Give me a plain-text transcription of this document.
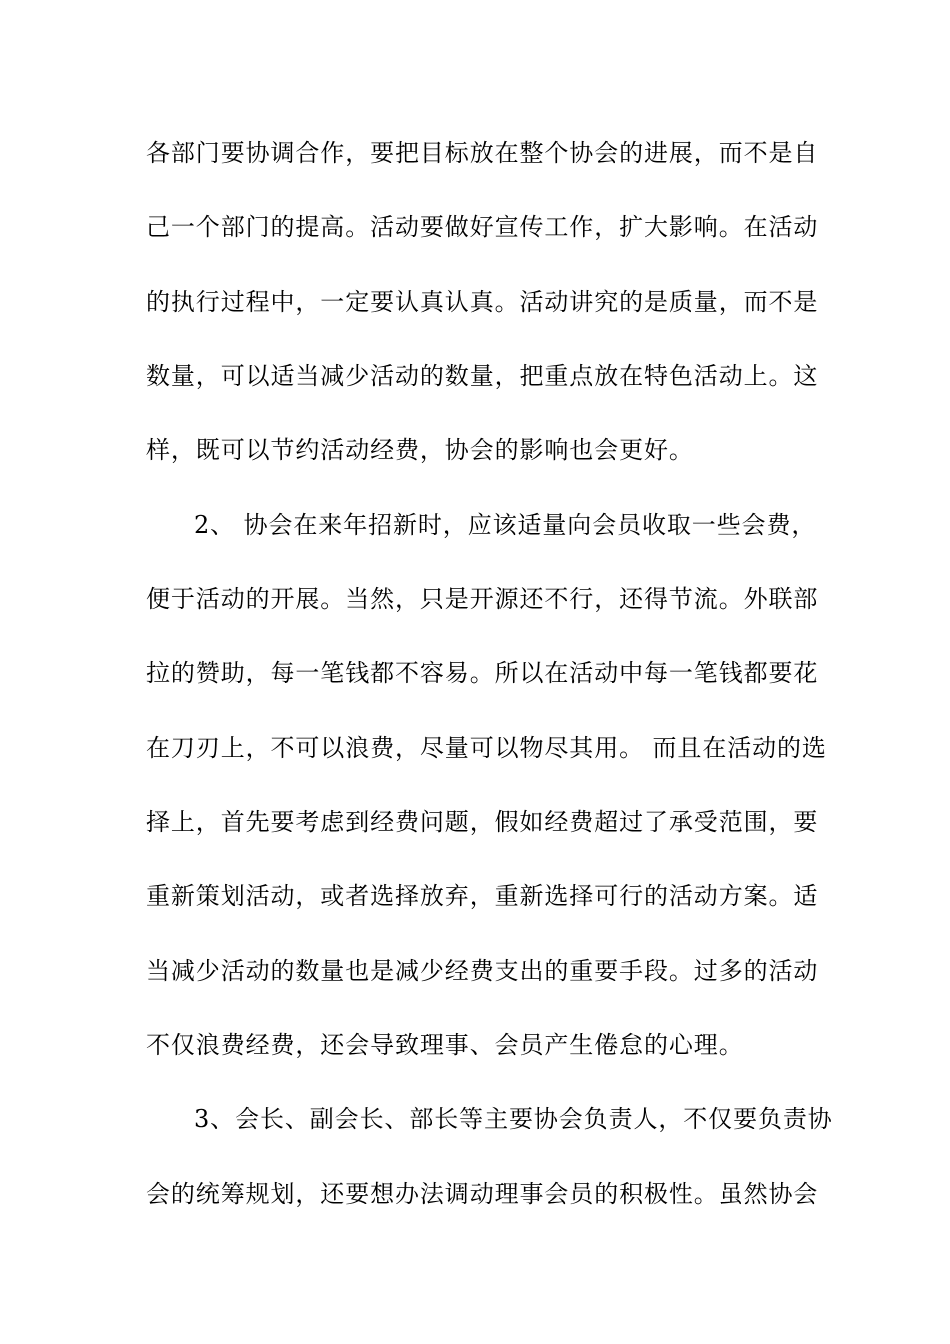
各部门要协调合作，要把目标放在整个协会的进展，而不是自
己一个部门的提高。活动要做好宣传工作，扩大影响。在活动
的执行过程中，一定要认真认真。活动讲究的是质量，而不是
数量，可以适当减少活动的数量，把重点放在特色活动上。这
样，既可以节约活动经费，协会的影响也会更好。
2、 协会在来年招新时，应该适量向会员收取一些会费，
便于活动的开展。当然，只是开源还不行，还得节流。外联部
拉的赞助，每一笔钱都不容易。所以在活动中每一笔钱都要花
在刀刃上，不可以浪费，尽量可以物尽其用。 而且在活动的选
择上，首先要考虑到经费问题，假如经费超过了承受范围，要
重新策划活动，或者选择放弃，重新选择可行的活动方案。适
当减少活动的数量也是减少经费支出的重要手段。过多的活动
不仅浪费经费，还会导致理事、会员产生倦怠的心理。
3、会长、副会长、部长等主要协会负责人，不仅要负责协
会的统筹规划，还要想办法调动理事会员的积极性。虽然协会
